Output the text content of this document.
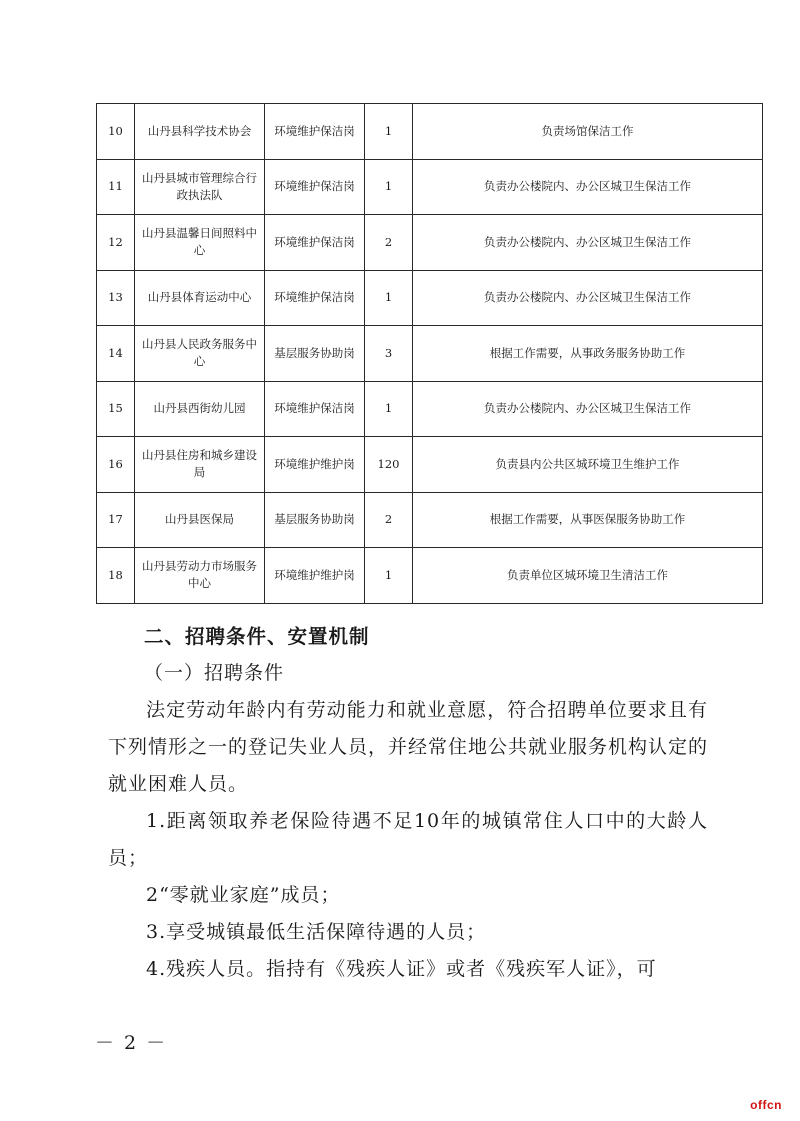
10	山丹县科学技术协会	环境维护保洁岗	1	负责场馆保洁工作
11	山丹县城市管理综合行政执法队	环境维护保洁岗	1	负责办公楼院内、办公区城卫生保洁工作
12	山丹县温馨日间照料中心	环境维护保洁岗	2	负责办公楼院内、办公区城卫生保洁工作
13	山丹县体育运动中心	环境维护保洁岗	1	负责办公楼院内、办公区城卫生保洁工作
14	山丹县人民政务服务中心	基层服务协助岗	3	根据工作需要，从事政务服务协助工作
15	山丹县西街幼儿园	环境维护保洁岗	1	负责办公楼院内、办公区城卫生保洁工作
16	山丹县住房和城乡建设局	环境维护维护岗	120	负责县内公共区城环境卫生维护工作
17	山丹县医保局	基层服务协助岗	2	根据工作需要，从事医保服务协助工作
18	山丹县劳动力市场服务中心	环境维护维护岗	1	负责单位区城环境卫生清洁工作

二、招聘条件、安置机制

（一）招聘条件

法定劳动年龄内有劳动能力和就业意愿，符合招聘单位要求且有下列情形之一的登记失业人员，并经常住地公共就业服务机构认定的就业困难人员。

1.距离领取养老保险待遇不足10年的城镇常住人口中的大龄人员；

2“零就业家庭”成员；

3.享受城镇最低生活保障待遇的人员；

4.残疾人员。指持有《残疾人证》或者《残疾军人证》，可

－ 2 －
offcn
